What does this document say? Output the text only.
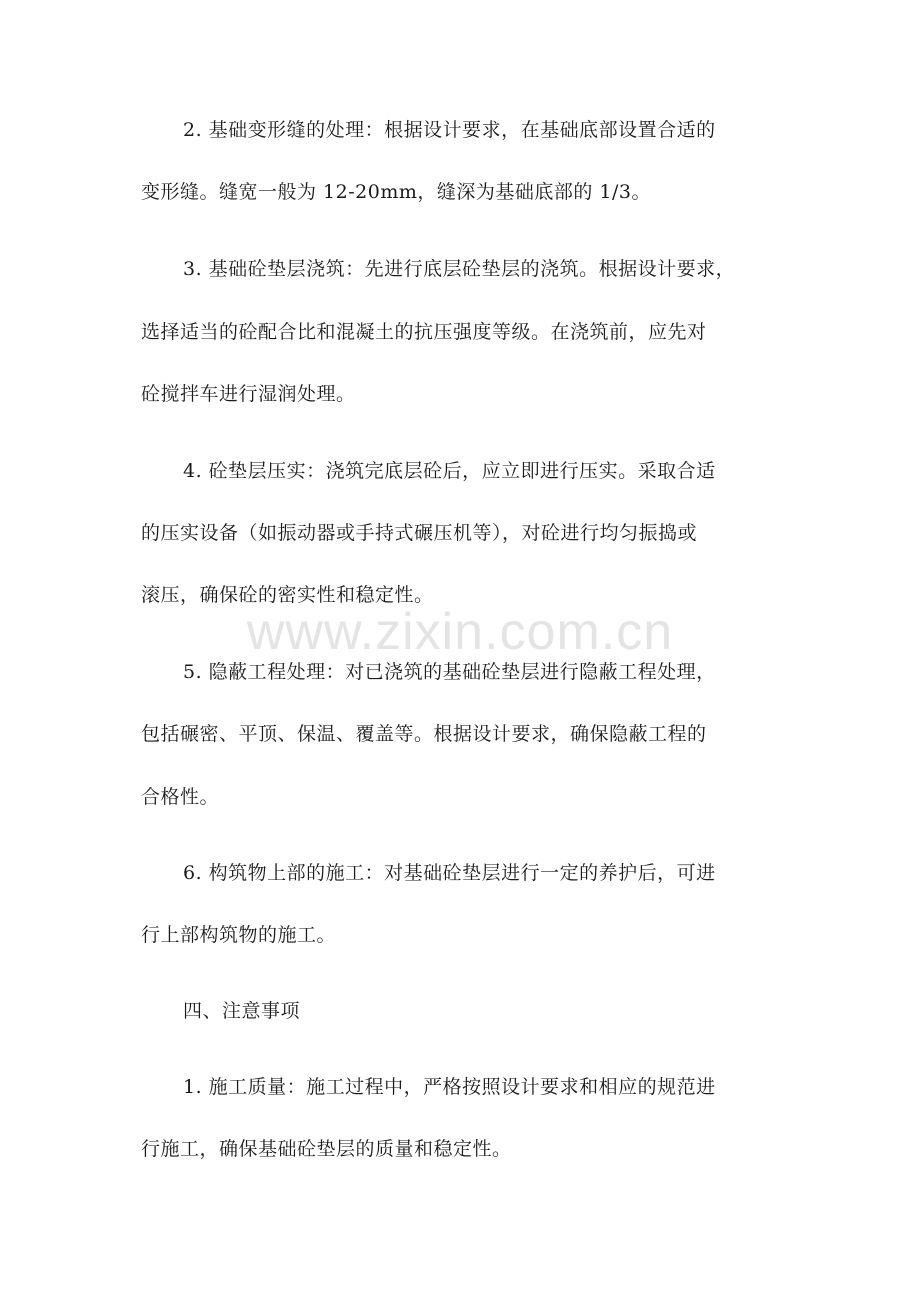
2. 基础变形缝的处理：根据设计要求，在基础底部设置合适的
变形缝。缝宽一般为 12-20mm，缝深为基础底部的 1/3。
3. 基础砼垫层浇筑：先进行底层砼垫层的浇筑。根据设计要求，
选择适当的砼配合比和混凝土的抗压强度等级。在浇筑前，应先对
砼搅拌车进行湿润处理。
4. 砼垫层压实：浇筑完底层砼后，应立即进行压实。采取合适
的压实设备（如振动器或手持式碾压机等），对砼进行均匀振捣或
滚压，确保砼的密实性和稳定性。
5. 隐蔽工程处理：对已浇筑的基础砼垫层进行隐蔽工程处理，
包括碾密、平顶、保温、覆盖等。根据设计要求，确保隐蔽工程的
合格性。
6. 构筑物上部的施工：对基础砼垫层进行一定的养护后，可进
行上部构筑物的施工。
四、注意事项
1. 施工质量：施工过程中，严格按照设计要求和相应的规范进
行施工，确保基础砼垫层的质量和稳定性。
www.zixin.com.cn
